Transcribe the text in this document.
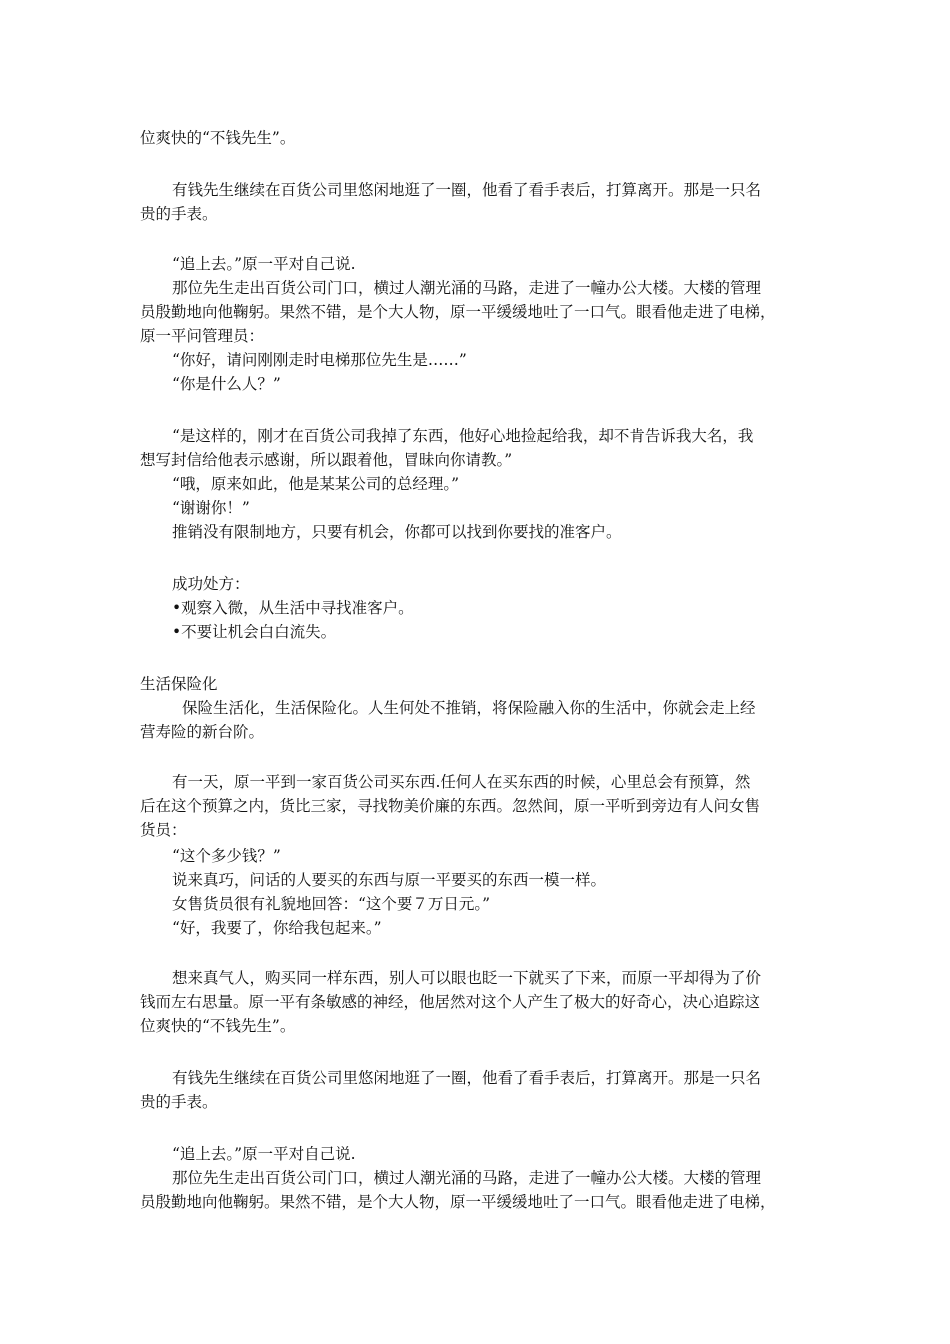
位爽快的“不钱先生”。
有钱先生继续在百货公司里悠闲地逛了一圈，他看了看手表后，打算离开。那是一只名
贵的手表。
“追上去。”原一平对自己说.
那位先生走出百货公司门口，横过人潮光涌的马路，走进了一幢办公大楼。大楼的管理
员殷勤地向他鞠躬。果然不错，是个大人物，原一平缓缓地吐了一口气。眼看他走进了电梯，
原一平问管理员：
“你好，请问刚刚走时电梯那位先生是……”
“你是什么人？”
“是这样的，刚才在百货公司我掉了东西，他好心地捡起给我，却不肯告诉我大名，我
想写封信给他表示感谢，所以跟着他，冒昧向你请教。”
“哦，原来如此，他是某某公司的总经理。”
“谢谢你！”
推销没有限制地方，只要有机会，你都可以找到你要找的准客户。
成功处方：
•观察入微，从生活中寻找准客户。
•不要让机会白白流失。
生活保险化
保险生活化，生活保险化。人生何处不推销，将保险融入你的生活中，你就会走上经
营寿险的新台阶。
有一天，原一平到一家百货公司买东西.任何人在买东西的时候，心里总会有预算，然
后在这个预算之内，货比三家，寻找物美价廉的东西。忽然间，原一平听到旁边有人问女售
货员：
“这个多少钱？”
说来真巧，问话的人要买的东西与原一平要买的东西一模一样。
女售货员很有礼貌地回答：“这个要７万日元。”
“好，我要了，你给我包起来。”
想来真气人，购买同一样东西，别人可以眼也眨一下就买了下来，而原一平却得为了价
钱而左右思量。原一平有条敏感的神经，他居然对这个人产生了极大的好奇心，决心追踪这
位爽快的“不钱先生”。
有钱先生继续在百货公司里悠闲地逛了一圈，他看了看手表后，打算离开。那是一只名
贵的手表。
“追上去。”原一平对自己说.
那位先生走出百货公司门口，横过人潮光涌的马路，走进了一幢办公大楼。大楼的管理
员殷勤地向他鞠躬。果然不错，是个大人物，原一平缓缓地吐了一口气。眼看他走进了电梯，
